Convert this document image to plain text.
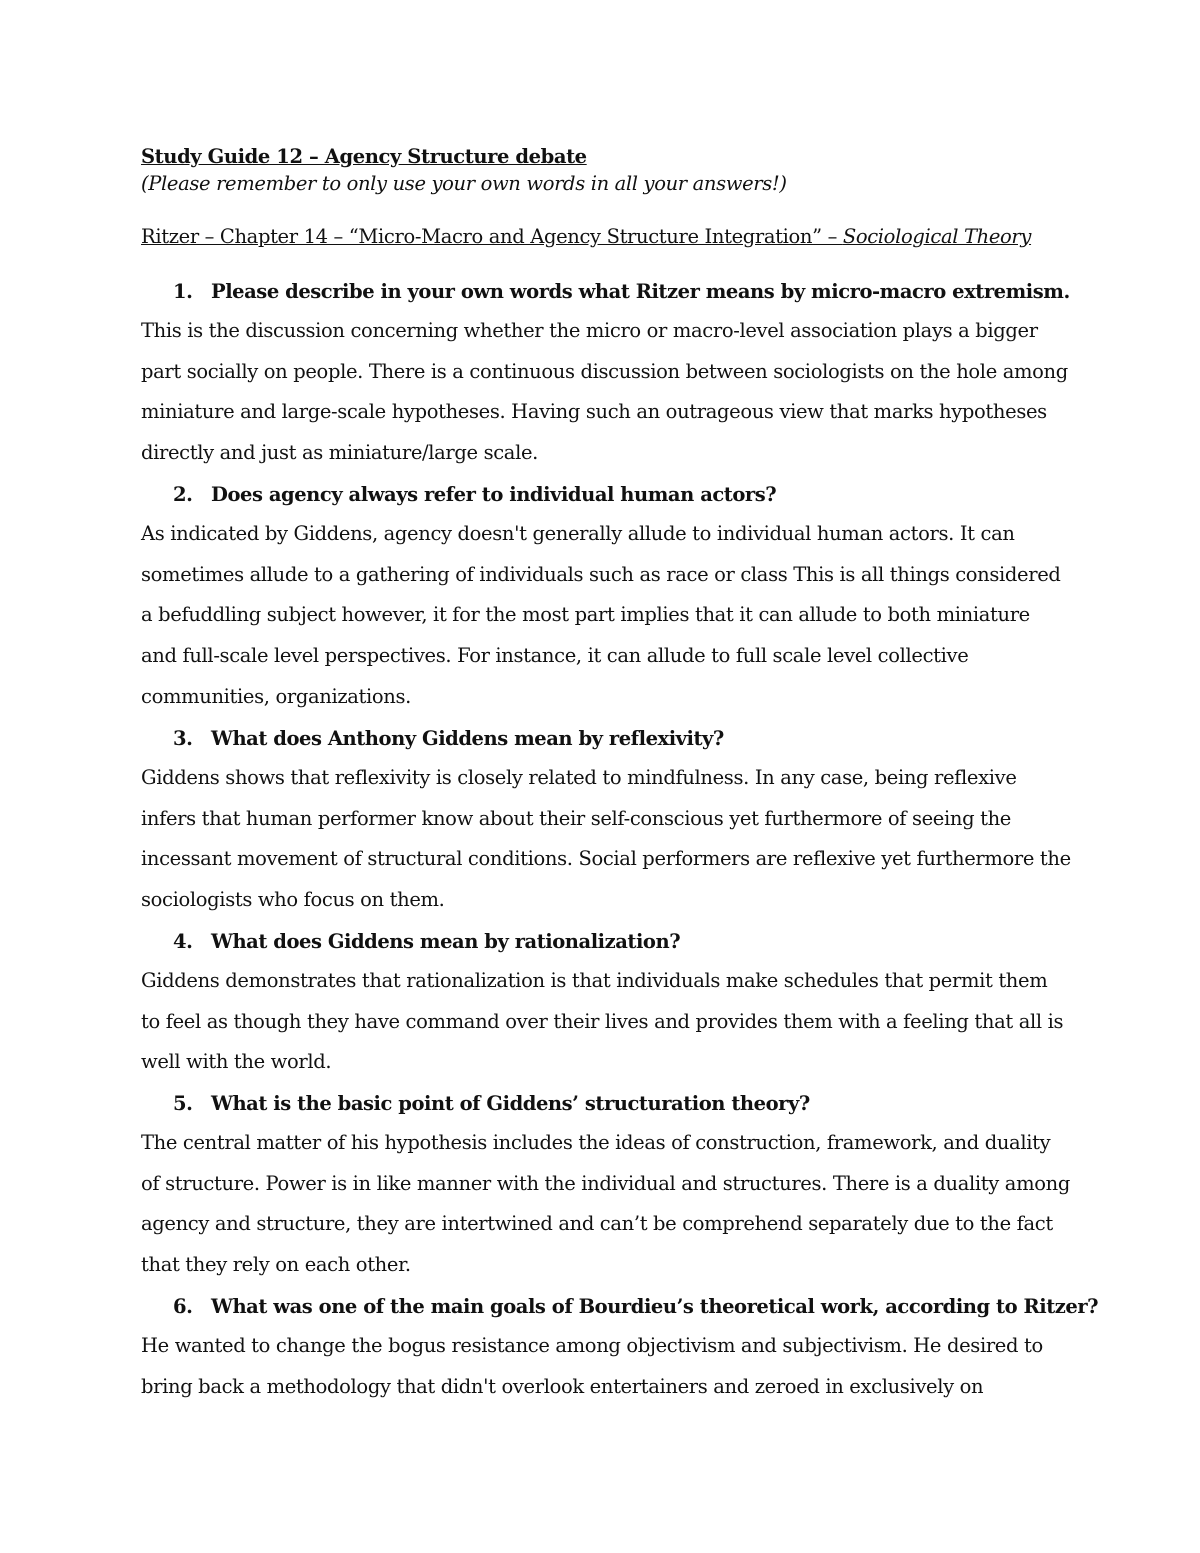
Study Guide 12 – Agency Structure debate
(Please remember to only use your own words in all your answers!)
Ritzer – Chapter 14 – “Micro-Macro and Agency Structure Integration” – Sociological Theory
1. Please describe in your own words what Ritzer means by micro-macro extremism.

This is the discussion concerning whether the micro or macro-level association plays a bigger part socially on people. There is a continuous discussion between sociologists on the hole among miniature and large-scale hypotheses. Having such an outrageous view that marks hypotheses directly and just as miniature/large scale.

2. Does agency always refer to individual human actors?

As indicated by Giddens, agency doesn't generally allude to individual human actors. It can sometimes allude to a gathering of individuals such as race or class This is all things considered a befuddling subject however, it for the most part implies that it can allude to both miniature and full-scale level perspectives. For instance, it can allude to full scale level collective communities, organizations.

3. What does Anthony Giddens mean by reflexivity?

Giddens shows that reflexivity is closely related to mindfulness. In any case, being reflexive infers that human performer know about their self-conscious yet furthermore of seeing the incessant movement of structural conditions. Social performers are reflexive yet furthermore the sociologists who focus on them.

4. What does Giddens mean by rationalization?

Giddens demonstrates that rationalization is that individuals make schedules that permit them to feel as though they have command over their lives and provides them with a feeling that all is well with the world.

5. What is the basic point of Giddens’ structuration theory?

The central matter of his hypothesis includes the ideas of construction, framework, and duality of structure. Power is in like manner with the individual and structures. There is a duality among agency and structure, they are intertwined and can’t be comprehend separately due to the fact that they rely on each other.

6. What was one of the main goals of Bourdieu’s theoretical work, according to Ritzer?

He wanted to change the bogus resistance among objectivism and subjectivism. He desired to bring back a methodology that didn't overlook entertainers and zeroed in exclusively on
